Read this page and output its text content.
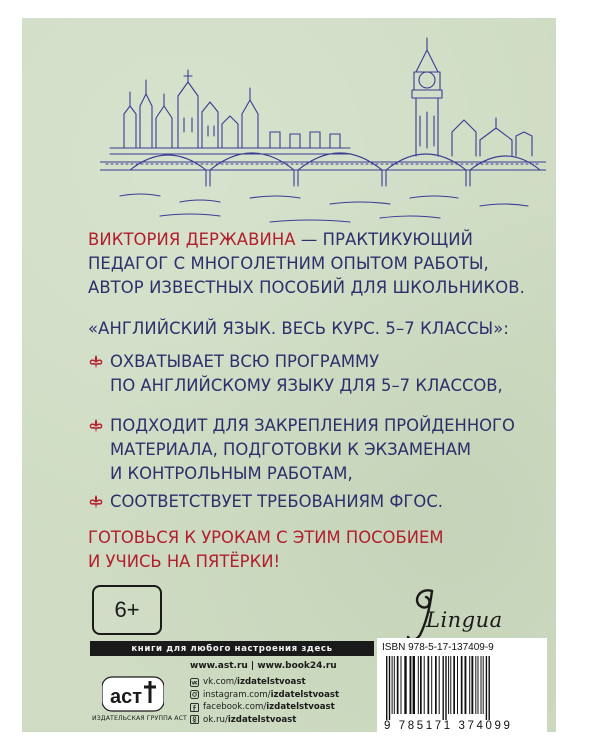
ВИКТОРИЯ ДЕРЖАВИНА — ПРАКТИКУЮЩИЙ
ПЕДАГОГ С МНОГОЛЕТНИМ ОПЫТОМ РАБОТЫ,
АВТОР ИЗВЕСТНЫХ ПОСОБИЙ ДЛЯ ШКОЛЬНИКОВ.
«АНГЛИЙСКИЙ ЯЗЫК. ВЕСЬ КУРС. 5–7 КЛАССЫ»:
ОХВАТЫВАЕТ ВСЮ ПРОГРАММУ
ПО АНГЛИЙСКОМУ ЯЗЫКУ ДЛЯ 5–7 КЛАССОВ,
ПОДХОДИТ ДЛЯ ЗАКРЕПЛЕНИЯ ПРОЙДЕННОГО
МАТЕРИАЛА, ПОДГОТОВКИ К ЭКЗАМЕНАМ
И КОНТРОЛЬНЫМ РАБОТАМ,
СООТВЕТСТВУЕТ ТРЕБОВАНИЯМ ФГОС.
ГОТОВЬСЯ К УРОКАМ С ЭТИМ ПОСОБИЕМ
И УЧИСЬ НА ПЯТЁРКИ!
6+	Lingua
книги для любого настроения здесь
www.ast.ru | www.book24.ru
vk.com/ izdatelstvoast
instagram.com/ izdatelstvoast
facebook.com/ izdatelstvoast
ok.ru/ izdatelstvoast
аст
ИЗДАТЕЛЬСКАЯ ГРУППА АСТ
ISBN 978-5-17-137409-9
9 785171 374099
